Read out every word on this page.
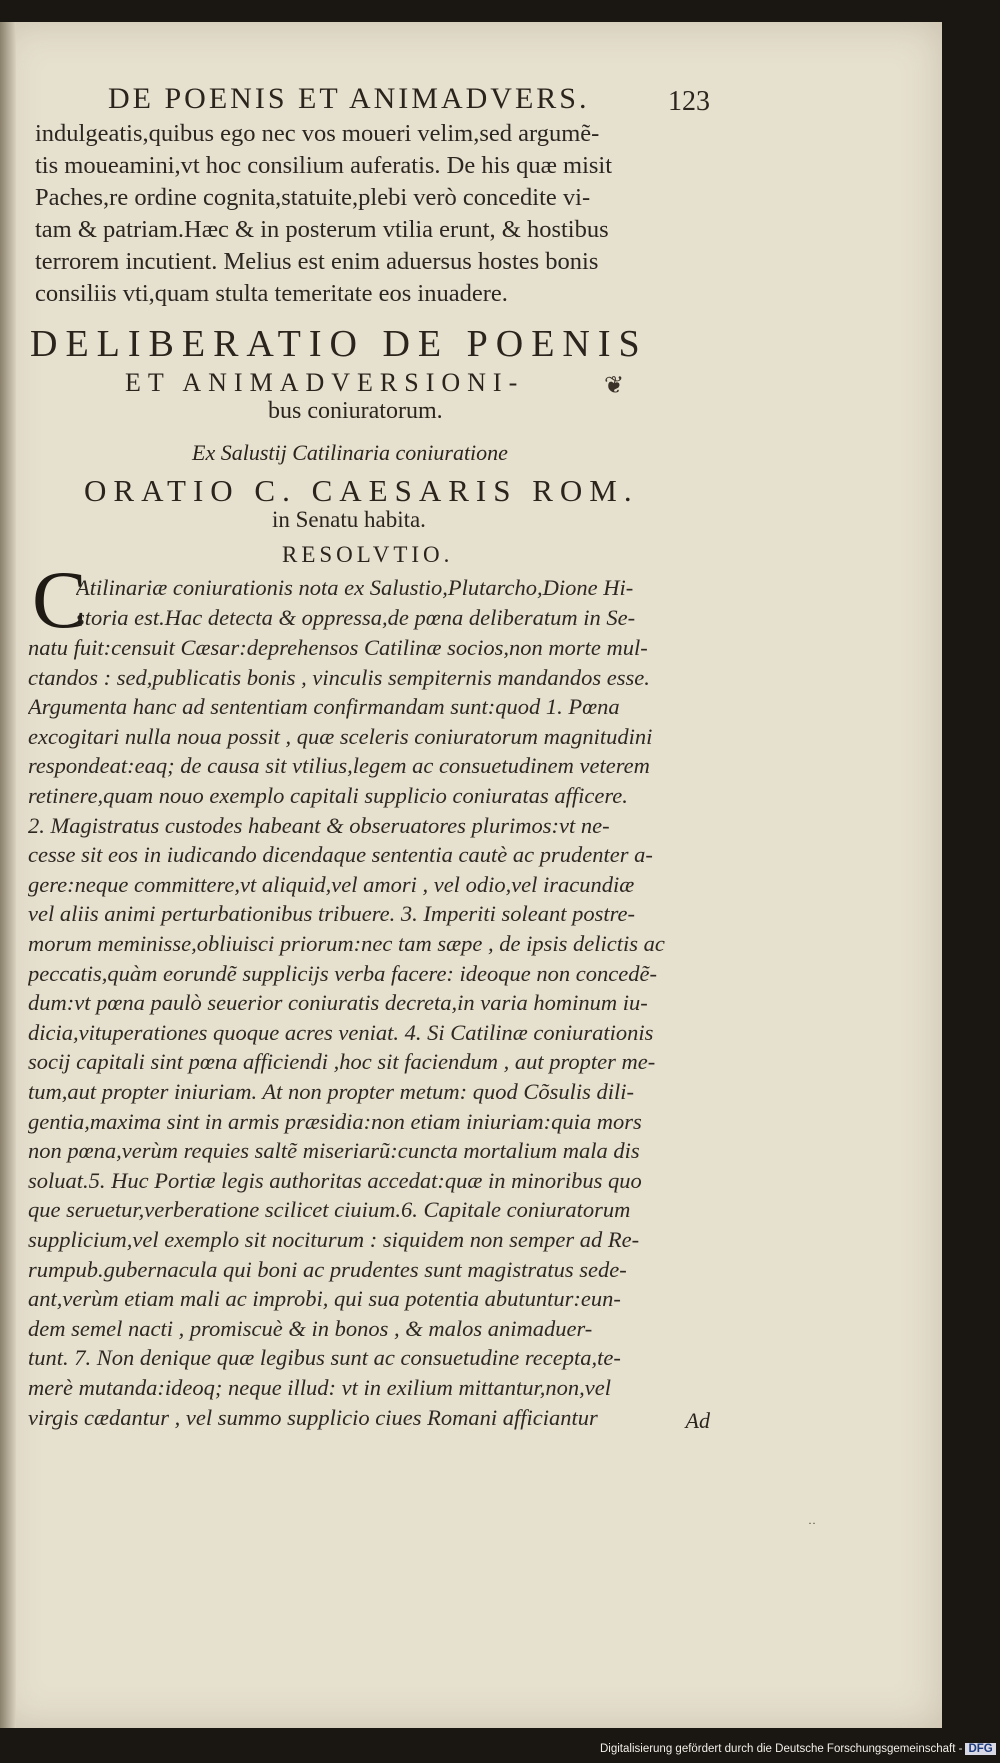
DE POENIS ET ANIMADVERS.	123
indulgeatis,quibus ego nec vos moueri velim,sed argumẽ-
tis moueamini,vt hoc consilium auferatis. De his quæ misit
Paches,re ordine cognita,statuite,plebi verò concedite vi-
tam & patriam.Hæc & in posterum vtilia erunt, & hostibus
terrorem incutient. Melius est enim aduersus hostes bonis
consiliis vti,quam stulta temeritate eos inuadere.
DELIBERATIO DE POENIS
ET ANIMADVERSIONI-	❦
bus coniuratorum.
Ex Salustij Catilinaria coniuratione
ORATIO C. CAESARIS ROM.
in Senatu habita.
RESOLVTIO.
C
Atilinariæ coniurationis nota ex Salustio,Plutarcho,Dione Hi-
storia est.Hac detecta & oppressa,de pœna deliberatum in Se-
natu fuit:censuit Cæsar:deprehensos Catilinæ socios,non morte mul-
ctandos : sed,publicatis bonis , vinculis sempiternis mandandos esse.
Argumenta hanc ad sententiam confirmandam sunt:quod 1. Pœna
excogitari nulla noua possit , quæ sceleris coniuratorum magnitudini
respondeat:eaq; de causa sit vtilius,legem ac consuetudinem veterem
retinere,quam nouo exemplo capitali supplicio coniuratas afficere.
2. Magistratus custodes habeant & obseruatores plurimos:vt ne-
cesse sit eos in iudicando dicendaque sententia cautè ac prudenter a-
gere:neque committere,vt aliquid,vel amori , vel odio,vel iracundiæ
vel aliis animi perturbationibus tribuere. 3. Imperiti soleant postre-
morum meminisse,obliuisci priorum:nec tam sæpe , de ipsis delictis ac
peccatis,quàm eorundẽ supplicijs verba facere: ideoque non concedẽ-
dum:vt pœna paulò seuerior coniuratis decreta,in varia hominum iu-
dicia,vituperationes quoque acres veniat. 4. Si Catilinæ coniurationis
socij capitali sint pœna afficiendi ,hoc sit faciendum , aut propter me-
tum,aut propter iniuriam. At non propter metum: quod Cõsulis dili-
gentia,maxima sint in armis præsidia:non etiam iniuriam:quia mors
non pœna,verùm requies saltẽ miseriarũ:cuncta mortalium mala dis
soluat.5. Huc Portiæ legis authoritas accedat:quæ in minoribus quo
que seruetur,verberatione scilicet ciuium.6. Capitale coniuratorum
supplicium,vel exemplo sit nociturum : siquidem non semper ad Re-
rumpub.gubernacula qui boni ac prudentes sunt magistratus sede-
ant,verùm etiam mali ac improbi, qui sua potentia abutuntur:eun-
dem semel nacti , promiscuè & in bonos , & malos animaduer-
tunt. 7. Non denique quæ legibus sunt ac consuetudine recepta,te-
merè mutanda:ideoq; neque illud: vt in exilium mittantur,non,vel
virgis cædantur , vel summo supplicio ciues Romani afficiantur	Ad
Digitalisierung gefördert durch die Deutsche Forschungsgemeinschaft - DFG
